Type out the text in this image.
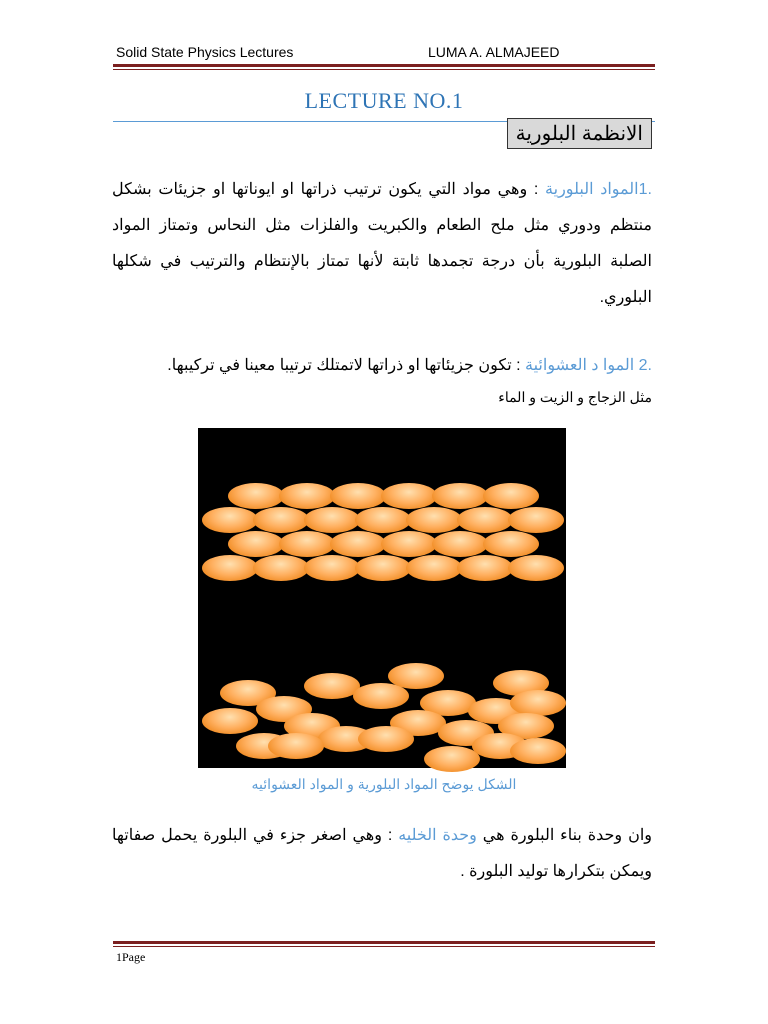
Solid State Physics Lectures	LUMA A. ALMAJEED
LECTURE NO.1
الانظمة البلورية
.1المواد البلورية : وهي مواد التي يكون ترتيب ذراتها او ايوناتها او جزيئات بشكل منتظم ودوري مثل ملح الطعام والكبريت والفلزات مثل النحاس وتمتاز المواد الصلبة البلورية بأن درجة تجمدها ثابتة لأنها تمتاز بالإنتظام والترتيب في شكلها البلوري.
.2 الموا د العشوائية : تكون جزيئاتها او ذراتها لاتمتلك ترتيبا معينا في تركيبها.
مثل الزجاج و الزيت و الماء
الشكل يوضح المواد البلورية و المواد العشوائيه
وان وحدة بناء البلورة هي وحدة الخليه : وهي اصغر جزء في البلورة يحمل صفاتها ويمكن بتكرارها توليد البلورة .
1Page
